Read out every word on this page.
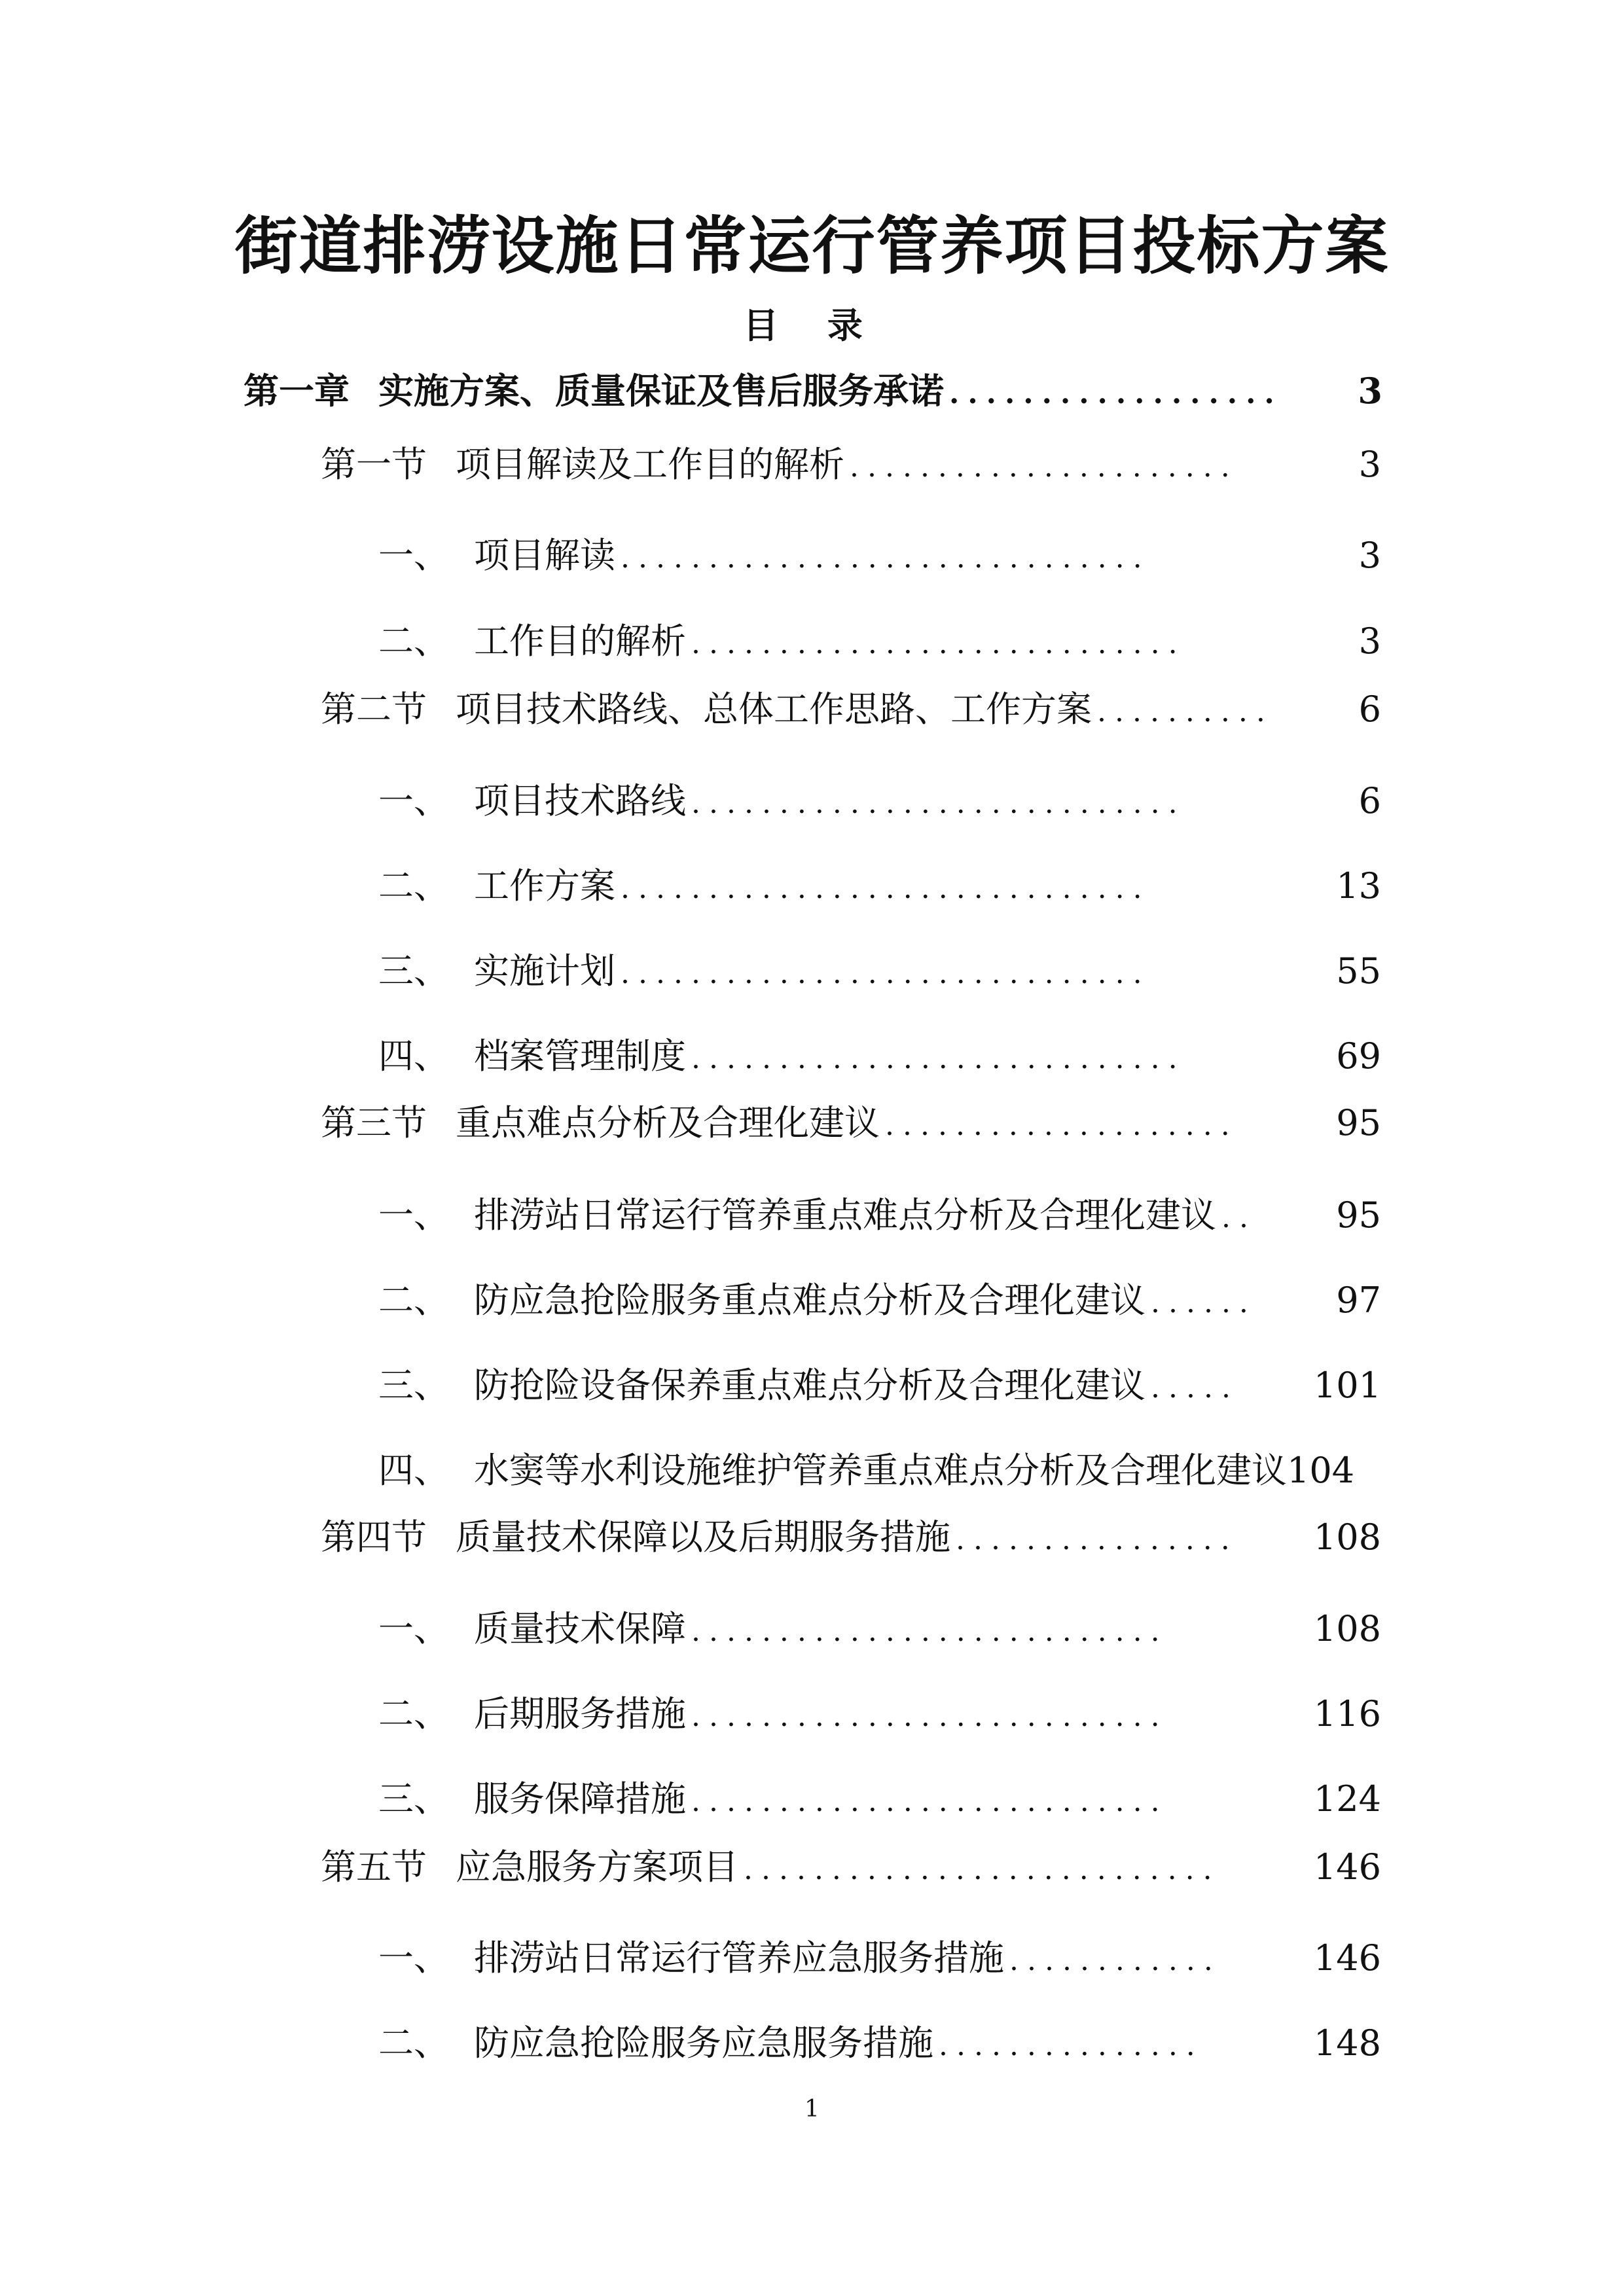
街道排涝设施日常运行管养项目投标方案
目 录
第一章 实施方案、质量保证及售后服务承诺 ..................	3
第一节 项目解读及工作目的解析 ......................	3
一、 项目解读 ..............................	3
二、 工作目的解析 ............................	3
第二节 项目技术路线、总体工作思路、工作方案 ..........	6
一、 项目技术路线 ............................	6
二、 工作方案 ..............................	13
三、 实施计划 ..............................	55
四、 档案管理制度 ............................	69
第三节 重点难点分析及合理化建议 ....................	95
一、 排涝站日常运行管养重点难点分析及合理化建议 ..	95
二、 防应急抢险服务重点难点分析及合理化建议 ......	97
三、 防抢险设备保养重点难点分析及合理化建议 .....	101
四、 水窦等水利设施维护管养重点难点分析及合理化建议 104
第四节 质量技术保障以及后期服务措施 ................	108
一、 质量技术保障 ...........................	108
二、 后期服务措施 ...........................	116
三、 服务保障措施 ...........................	124
第五节 应急服务方案项目 ...........................	146
一、 排涝站日常运行管养应急服务措施 ............	146
二、 防应急抢险服务应急服务措施 ...............	148
1
